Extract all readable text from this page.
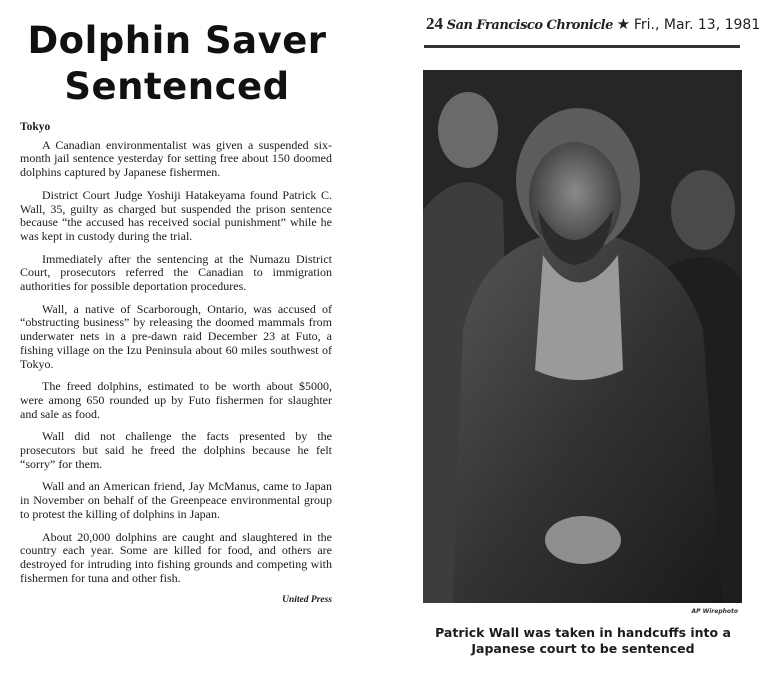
Dolphin Saver Sentenced
Tokyo

A Canadian environmentalist was given a suspended six-month jail sentence yesterday for setting free about 150 doomed dolphins captured by Japanese fishermen.

District Court Judge Yoshiji Hatakeyama found Patrick C. Wall, 35, guilty as charged but suspended the prison sentence because “the accused has received social punishment” while he was kept in custody during the trial.

Immediately after the sentencing at the Numazu District Court, prosecutors referred the Canadian to immigration authorities for possible deportation procedures.

Wall, a native of Scarborough, Ontario, was accused of “obstructing business” by releasing the doomed mammals from underwater nets in a pre-dawn raid December 23 at Futo, a fishing village on the Izu Peninsula about 60 miles southwest of Tokyo.

The freed dolphins, estimated to be worth about $5000, were among 650 rounded up by Futo fishermen for slaughter and sale as food.

Wall did not challenge the facts presented by the prosecutors but said he freed the dolphins because he felt “sorry” for them.

Wall and an American friend, Jay McManus, came to Japan in November on behalf of the Greenpeace environmental group to protest the killing of dolphins in Japan.

About 20,000 dolphins are caught and slaughtered in the country each year. Some are killed for food, and others are destroyed for intruding into fishing grounds and competing with fishermen for tuna and other fish.

United Press
24 San Francisco Chronicle ★ Fri., Mar. 13, 1981
AP Wirephoto
Patrick Wall was taken in handcuffs into a Japanese court to be sentenced
